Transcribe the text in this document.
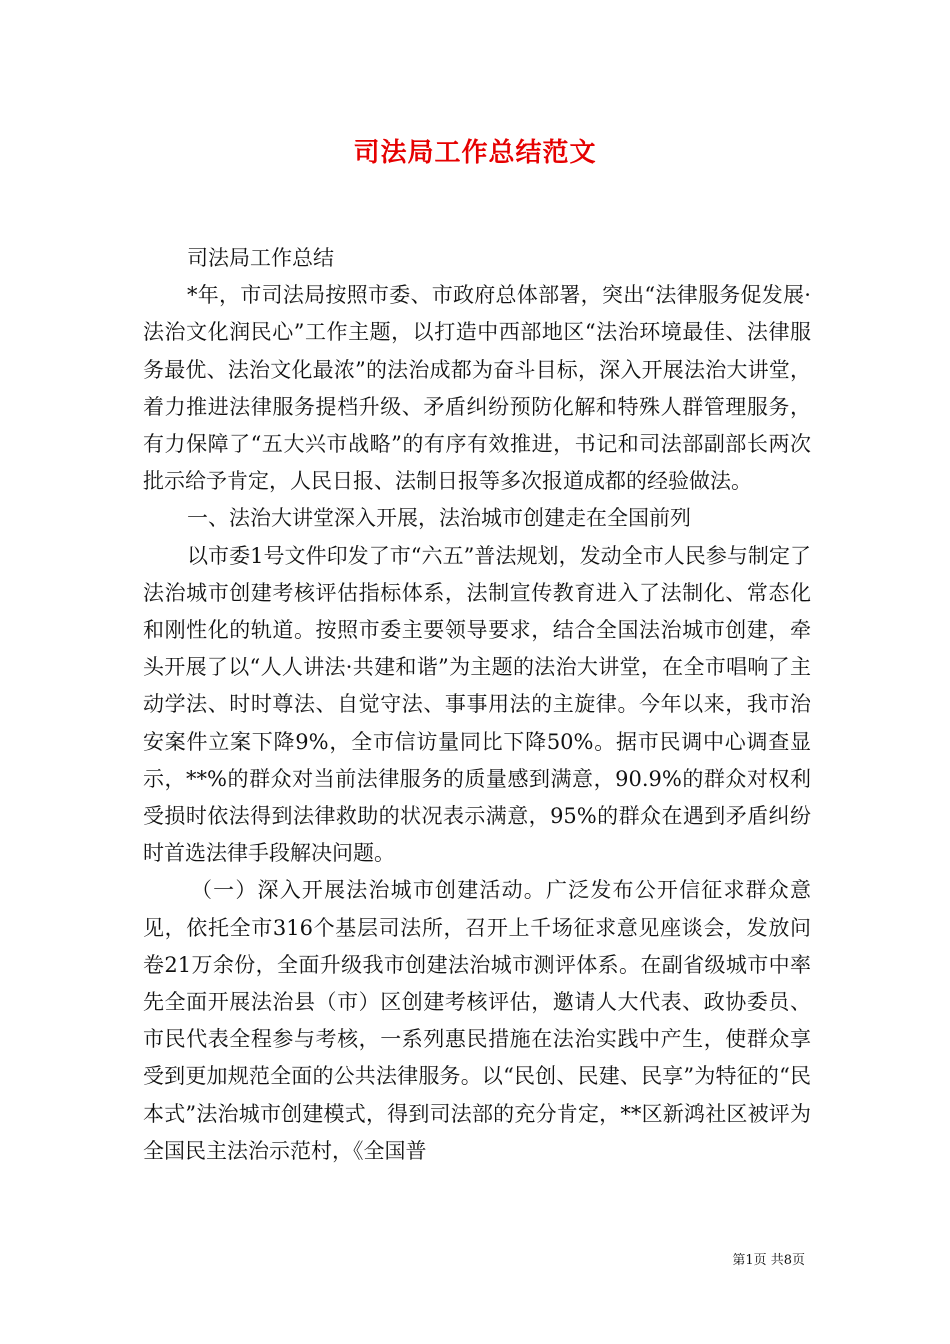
司法局工作总结范文

司法局工作总结

*年，市司法局按照市委、市政府总体部署，突出“法律服务促发展·法治文化润民心”工作主题，以打造中西部地区“法治环境最佳、法律服务最优、法治文化最浓”的法治成都为奋斗目标，深入开展法治大讲堂，着力推进法律服务提档升级、矛盾纠纷预防化解和特殊人群管理服务，有力保障了“五大兴市战略”的有序有效推进，书记和司法部副部长两次批示给予肯定，人民日报、法制日报等多次报道成都的经验做法。

一、法治大讲堂深入开展，法治城市创建走在全国前列

以市委1号文件印发了市“六五”普法规划，发动全市人民参与制定了法治城市创建考核评估指标体系，法制宣传教育进入了法制化、常态化和刚性化的轨道。按照市委主要领导要求，结合全国法治城市创建，牵头开展了以“人人讲法·共建和谐”为主题的法治大讲堂，在全市唱响了主动学法、时时尊法、自觉守法、事事用法的主旋律。今年以来，我市治安案件立案下降9%，全市信访量同比下降50%。据市民调中心调查显示，**%的群众对当前法律服务的质量感到满意，90.9%的群众对权利受损时依法得到法律救助的状况表示满意，95%的群众在遇到矛盾纠纷时首选法律手段解决问题。

（一）深入开展法治城市创建活动。广泛发布公开信征求群众意见，依托全市316个基层司法所，召开上千场征求意见座谈会，发放问卷21万余份，全面升级我市创建法治城市测评体系。在副省级城市中率先全面开展法治县（市）区创建考核评估，邀请人大代表、政协委员、市民代表全程参与考核，一系列惠民措施在法治实践中产生，使群众享受到更加规范全面的公共法律服务。以“民创、民建、民享”为特征的“民本式”法治城市创建模式，得到司法部的充分肯定，**区新鸿社区被评为全国民主法治示范村，《全国普

第1页 共8页
